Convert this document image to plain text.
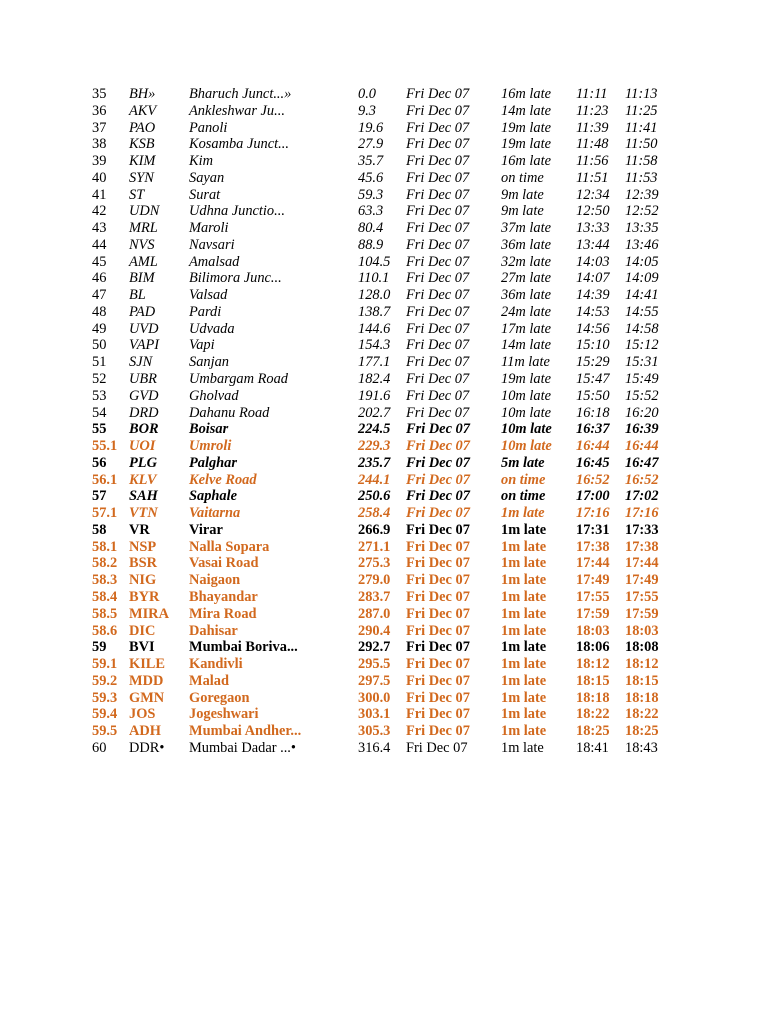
35 BH» Bharuch Junct...»	0.0 Fri Dec 07 16m late 11:11 11:13
36 AKV Ankleshwar Ju...	9.3 Fri Dec 07 14m late 11:23 11:25
37 PAO Panoli	19.6 Fri Dec 07 19m late 11:39 11:41
38 KSB Kosamba Junct...	27.9 Fri Dec 07 19m late 11:48 11:50
39 KIM Kim	35.7 Fri Dec 07 16m late 11:56 11:58
40 SYN Sayan	45.6 Fri Dec 07 on time 11:51 11:53
41 ST	Surat	59.3 Fri Dec 07 9m late 12:34 12:39
42 UDN Udhna Junctio...	63.3 Fri Dec 07 9m late 12:50 12:52
43 MRL Maroli	80.4 Fri Dec 07 37m late 13:33 13:35
44 NVS Navsari	88.9 Fri Dec 07 36m late 13:44 13:46
45 AML Amalsad	104.5 Fri Dec 07 32m late 14:03 14:05
46 BIM Bilimora Junc...	110.1 Fri Dec 07 27m late 14:07 14:09
47 BL	Valsad	128.0 Fri Dec 07 36m late 14:39 14:41
48 PAD Pardi	138.7 Fri Dec 07 24m late 14:53 14:55
49 UVD Udvada	144.6 Fri Dec 07 17m late 14:56 14:58
50 VAPI Vapi	154.3 Fri Dec 07 14m late 15:10 15:12
51 SJN	Sanjan	177.1 Fri Dec 07 11m late 15:29 15:31
52 UBR Umbargam Road	182.4 Fri Dec 07 19m late 15:47 15:49
53 GVD Gholvad	191.6 Fri Dec 07 10m late 15:50 15:52
54 DRD Dahanu Road	202.7 Fri Dec 07 10m late 16:18 16:20
55 BOR Boisar	224.5 Fri Dec 07 10m late 16:37 16:39
55.1 UOI Umroli	229.3 Fri Dec 07 10m late 16:44 16:44
56 PLG Palghar	235.7 Fri Dec 07 5m late 16:45 16:47
56.1 KLV Kelve Road	244.1 Fri Dec 07 on time 16:52 16:52
57 SAH Saphale	250.6 Fri Dec 07 on time 17:00 17:02
57.1 VTN Vaitarna	258.4 Fri Dec 07 1m late 17:16 17:16
58 VR	Virar	266.9 Fri Dec 07 1m late 17:31 17:33
58.1 NSP Nalla Sopara	271.1 Fri Dec 07 1m late 17:38 17:38
58.2 BSR Vasai Road	275.3 Fri Dec 07 1m late 17:44 17:44
58.3 NIG Naigaon	279.0 Fri Dec 07 1m late 17:49 17:49
58.4 BYR Bhayandar	283.7 Fri Dec 07 1m late 17:55 17:55
58.5 MIRA Mira Road	287.0 Fri Dec 07 1m late 17:59 17:59
58.6 DIC Dahisar	290.4 Fri Dec 07 1m late 18:03 18:03
59 BVI Mumbai Boriva...	292.7 Fri Dec 07 1m late 18:06 18:08
59.1 KILE Kandivli	295.5 Fri Dec 07 1m late 18:12 18:12
59.2 MDD Malad	297.5 Fri Dec 07 1m late 18:15 18:15
59.3 GMN Goregaon	300.0 Fri Dec 07 1m late 18:18 18:18
59.4 JOS Jogeshwari	303.1 Fri Dec 07 1m late 18:22 18:22
59.5 ADH Mumbai Andher...	305.3 Fri Dec 07 1m late 18:25 18:25
60 DDR• Mumbai Dadar ...•	316.4 Fri Dec 07 1m late 18:41 18:43
